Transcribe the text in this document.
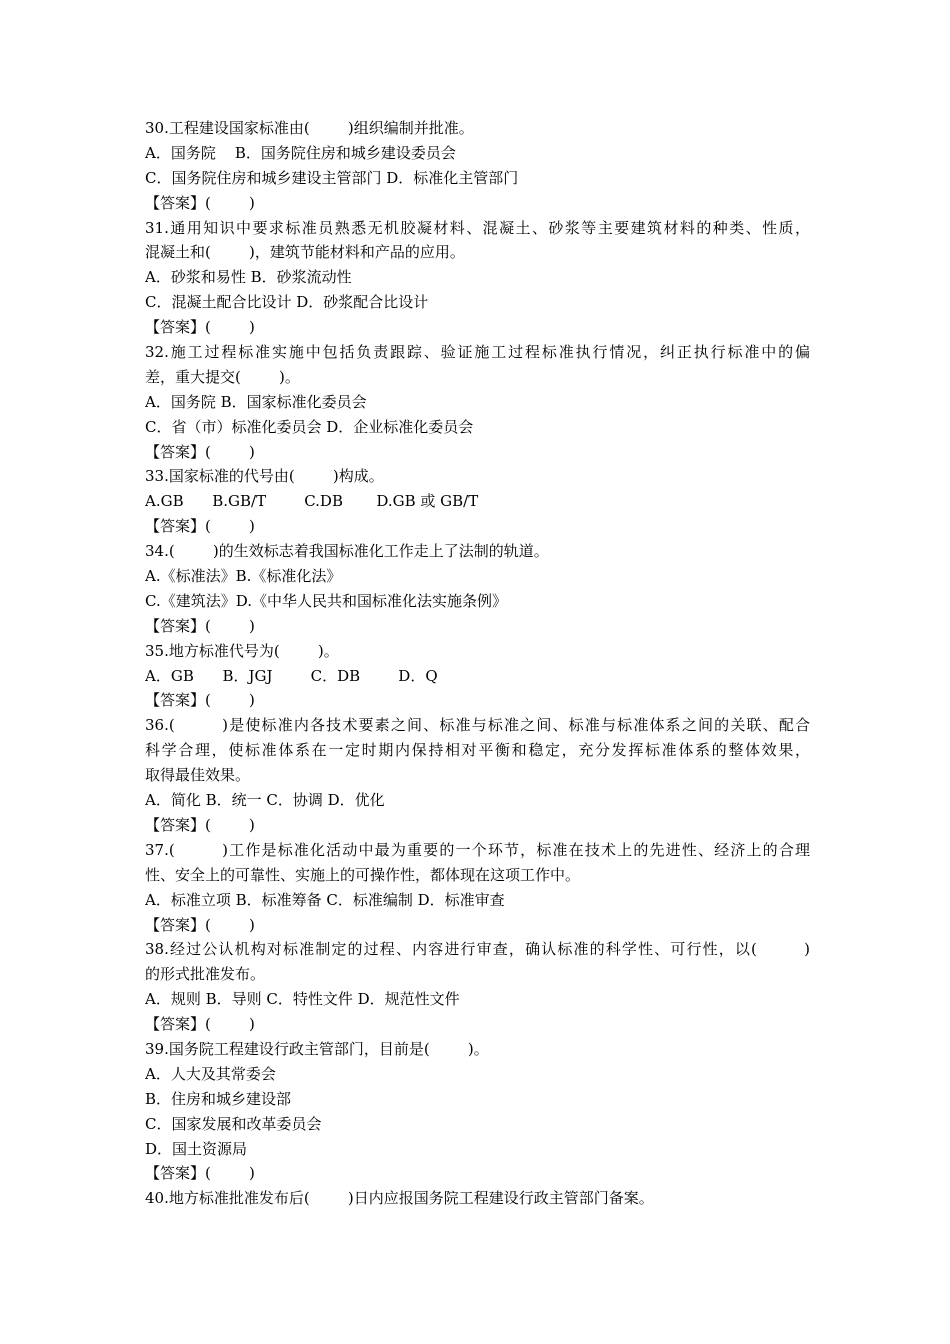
30.工程建设国家标准由(        )组织编制并批准。
A．国务院    B．国务院住房和城乡建设委员会
C．国务院住房和城乡建设主管部门 D．标准化主管部门
【答案】(        )
31.通用知识中要求标准员熟悉无机胶凝材料、混凝土、砂浆等主要建筑材料的种类、性质，
混凝土和(        )，建筑节能材料和产品的应用。
A．砂浆和易性 B．砂浆流动性
C．混凝土配合比设计 D．砂浆配合比设计
【答案】(        )
32.施工过程标准实施中包括负责跟踪、验证施工过程标准执行情况，纠正执行标准中的偏
差，重大提交(        )。
A．国务院 B．国家标准化委员会
C．省（市）标准化委员会 D．企业标准化委员会
【答案】(        )
33.国家标准的代号由(        )构成。
A.GB      B.GB/T        C.DB       D.GB 或 GB/T
【答案】(        )
34.(        )的生效标志着我国标准化工作走上了法制的轨道。
A.《标准法》B.《标准化法》
C.《建筑法》D.《中华人民共和国标准化法实施条例》
【答案】(        )
35.地方标准代号为(        )。
A．GB      B．JGJ        C．DB        D．Q
【答案】(        )
36.(        )是使标准内各技术要素之间、标准与标准之间、标准与标准体系之间的关联、配合
科学合理，使标准体系在一定时期内保持相对平衡和稳定，充分发挥标准体系的整体效果，
取得最佳效果。
A．简化 B．统一 C．协调 D．优化
【答案】(        )
37.(        )工作是标准化活动中最为重要的一个环节，标准在技术上的先进性、经济上的合理
性、安全上的可靠性、实施上的可操作性，都体现在这项工作中。
A．标准立项 B．标准筹备 C．标准编制 D．标准审查
【答案】(        )
38.经过公认机构对标准制定的过程、内容进行审查，确认标准的科学性、可行性，以(        )
的形式批准发布。
A．规则 B．导则 C．特性文件 D．规范性文件
【答案】(        )
39.国务院工程建设行政主管部门，目前是(        )。
A．人大及其常委会
B．住房和城乡建设部
C．国家发展和改革委员会
D．国土资源局
【答案】(        )
40.地方标准批准发布后(        )日内应报国务院工程建设行政主管部门备案。
